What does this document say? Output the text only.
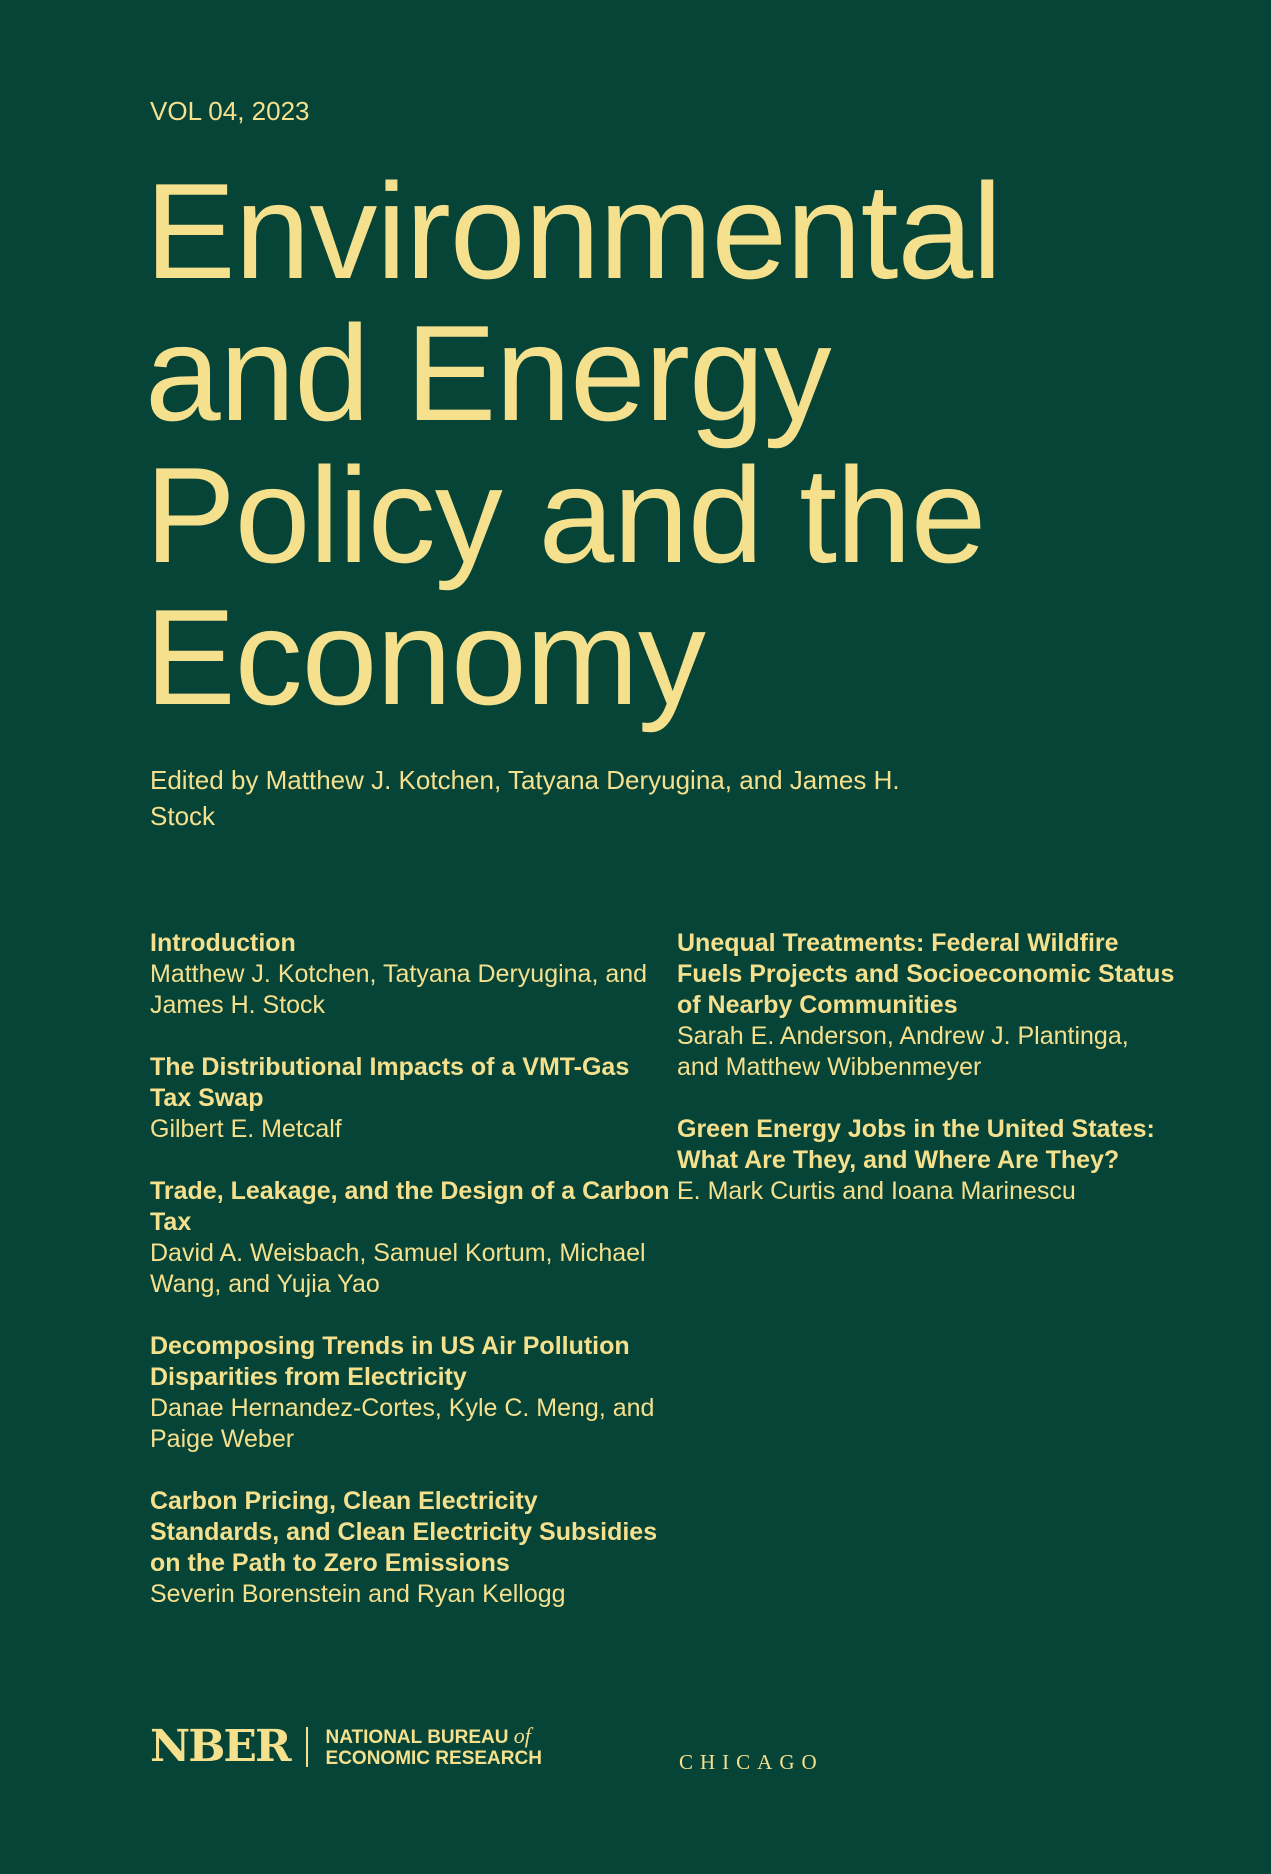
VOL 04, 2023
Environmental
and Energy
Policy and the
Economy
Edited by Matthew J. Kotchen, Tatyana Deryugina, and James H. Stock
Introduction
Matthew J. Kotchen, Tatyana Deryugina, and James H. Stock
The Distributional Impacts of a VMT-Gas Tax Swap
Gilbert E. Metcalf
Trade, Leakage, and the Design of a Carbon Tax
David A. Weisbach, Samuel Kortum, Michael Wang, and Yujia Yao
Decomposing Trends in US Air Pollution Disparities from Electricity
Danae Hernandez-Cortes, Kyle C. Meng, and Paige Weber
Carbon Pricing, Clean Electricity Standards, and Clean Electricity Subsidies on the Path to Zero Emissions
Severin Borenstein and Ryan Kellogg
Unequal Treatments: Federal Wildfire Fuels Projects and Socioeconomic Status of Nearby Communities
Sarah E. Anderson, Andrew J. Plantinga, and Matthew Wibbenmeyer
Green Energy Jobs in the United States: What Are They, and Where Are They?
E. Mark Curtis and Ioana Marinescu
NBER NATIONAL BUREAU of
ECONOMIC RESEARCH	CHICAGO
